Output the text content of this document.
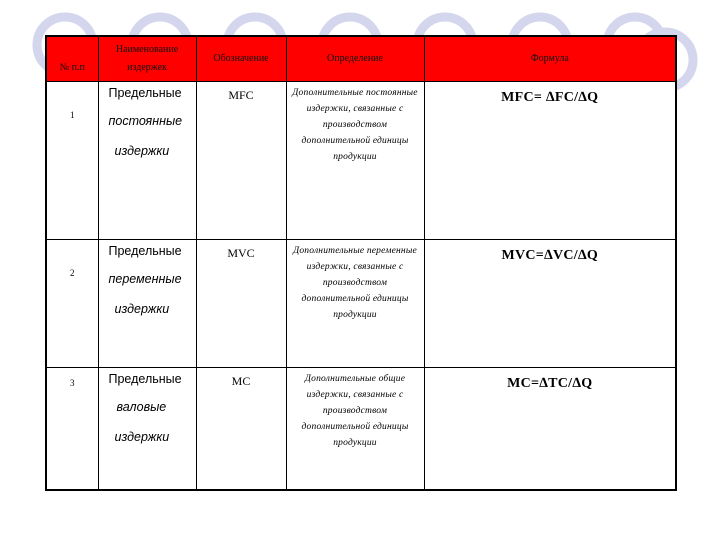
№ п.п	Наименование издержек	Обозначение	Определение	Формула
1	Предельные
постоянные
издержки	MFC	Дополнительные постоянные издержки, связанные с производством дополнительной единицы продукции	MFC= ∆FC/∆Q
2	Предельные
переменные
издержки	MVC	Дополнительные переменные издержки, связанные с производством дополнительной единицы продукции	MVC=∆VC/∆Q
3	Предельные
валовые
издержки	MC	Дополнительные общие издержки, связанные с производством дополнительной единицы продукции	MC=∆TC/∆Q
